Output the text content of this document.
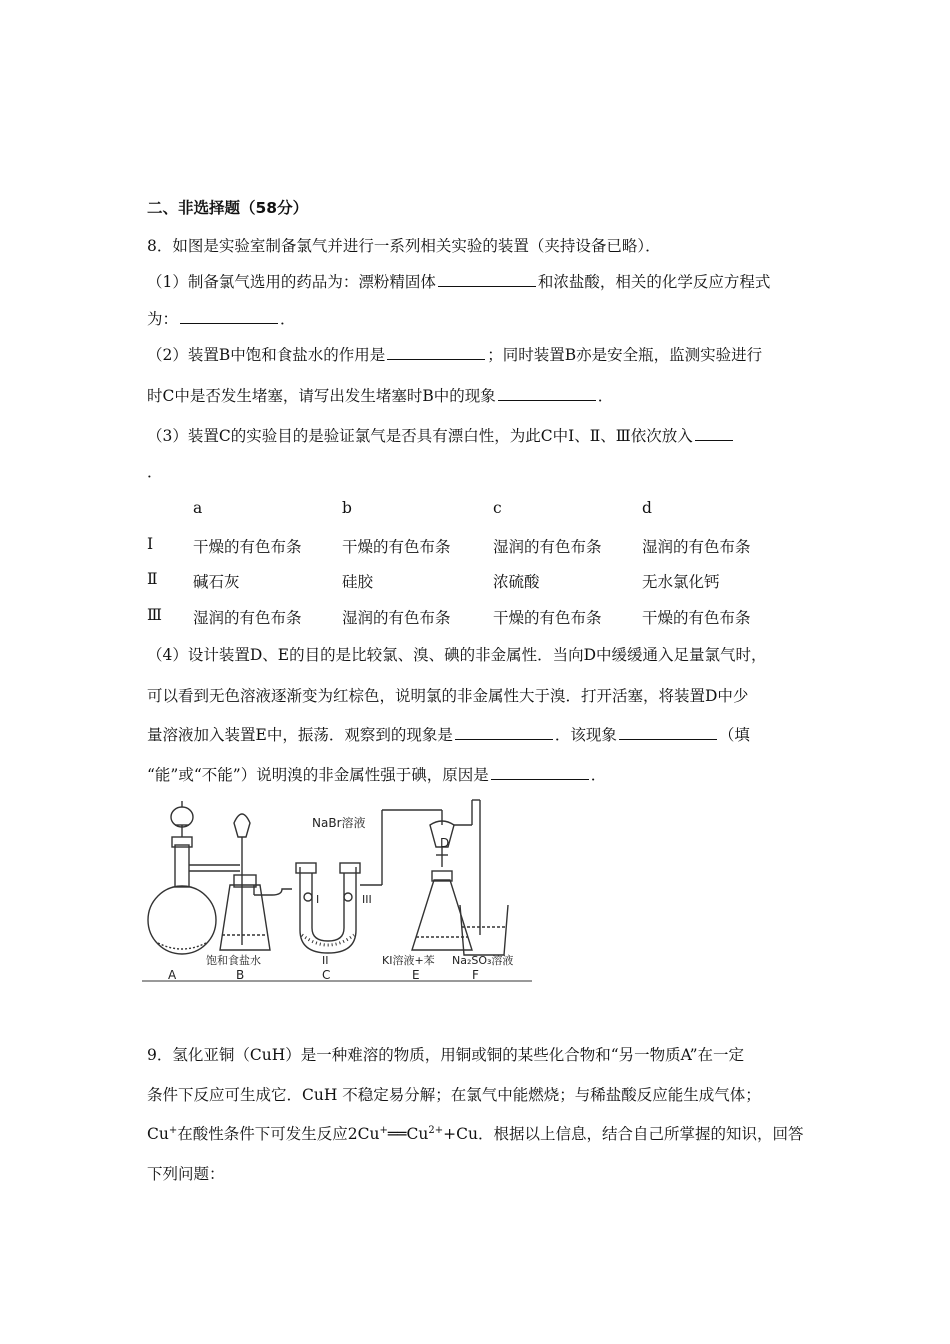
二、非选择题（58分）
8．如图是实验室制备氯气并进行一系列相关实验的装置（夹持设备已略）．
（1）制备氯气选用的药品为：漂粉精固体	和浓盐酸，相关的化学反应方程式
为：	．
（2）装置B中饱和食盐水的作用是	；同时装置B亦是安全瓶，监测实验进行
时C中是否发生堵塞，请写出发生堵塞时B中的现象	．
（3）装置C的实验目的是验证氯气是否具有漂白性，为此C中Ⅰ、Ⅱ、Ⅲ依次放入
．
a	b	c	d
Ⅰ	干燥的有色布条	干燥的有色布条	湿润的有色布条	湿润的有色布条
Ⅱ 碱石灰	硅胶	浓硫酸	无水氯化钙
Ⅲ 湿润的有色布条	湿润的有色布条	干燥的有色布条	干燥的有色布条
（4）设计装置D、E的目的是比较氯、溴、碘的非金属性．当向D中缓缓通入足量氯气时，
可以看到无色溶液逐渐变为红棕色，说明氯的非金属性大于溴．打开活塞，将装置D中少
量溶液加入装置E中，振荡．观察到的现象是	．该现象	（填
“能”或“不能”）说明溴的非金属性强于碘，原因是	．
NaBr溶液
D
I	III
饱和食盐水	II	KI溶液+苯 Na₂SO₃溶液
A	B	C	E	F
9．氢化亚铜（CuH）是一种难溶的物质，用铜或铜的某些化合物和“另一物质A”在一定
条件下反应可生成它．CuH 不稳定易分解；在氯气中能燃烧；与稀盐酸反应能生成气体；
Cu+在酸性条件下可发生反应$2Cu^+══Cu^{2+}+Cu$．根据以上信息，结合自己所掌握的知识，回答
下列问题：
